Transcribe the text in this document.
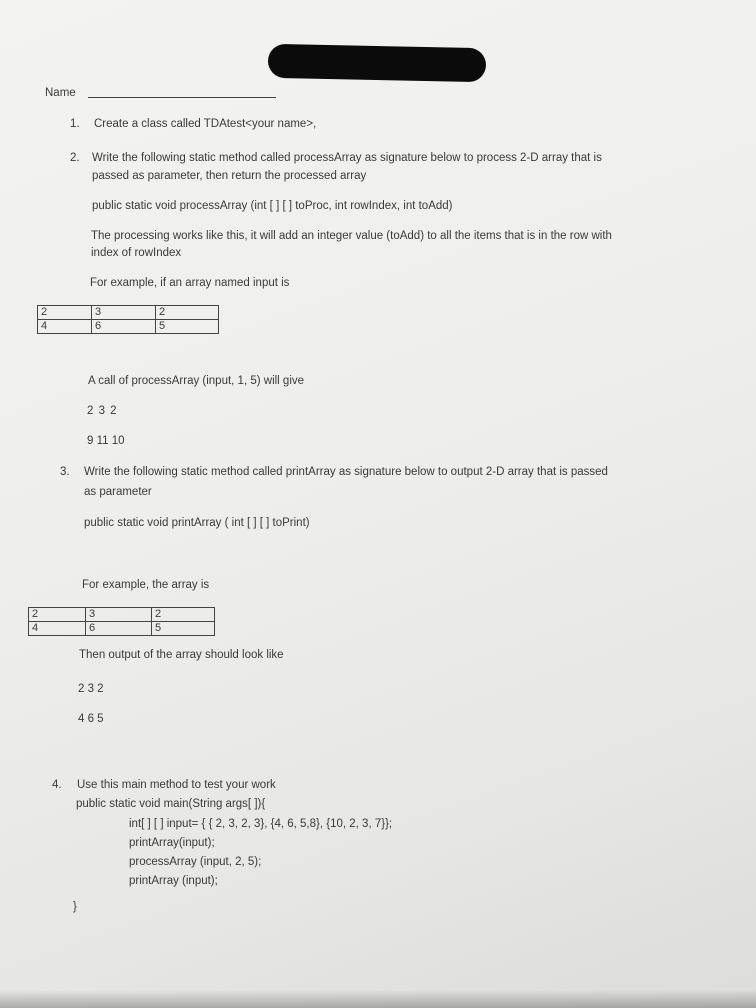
Name
1. Create a class called TDAtest<your name>,
2. Write the following static method called processArray as signature below to process 2-D array that is
passed as parameter, then return the processed array
public static void processArray (int [ ] [ ] toProc, int rowIndex, int toAdd)
The processing works like this, it will add an integer value (toAdd) to all the items that is in the row with
index of rowIndex
For example, if an array named input is
2	3	2
4	6	5
A call of processArray (input, 1, 5) will give
2 3 2
9 11 10
3. Write the following static method called printArray as signature below to output 2-D array that is passed
as parameter
public static void printArray ( int [ ] [ ] toPrint)
For example, the array is
2	3	2
4	6	5
Then output of the array should look like
2 3 2
4 6 5
4. Use this main method to test your work
public static void main(String args[ ]){
int[ ] [ ] input= { { 2, 3, 2, 3}, {4, 6, 5,8}, {10, 2, 3, 7}};
printArray(input);
processArray (input, 2, 5);
printArray (input);
}
